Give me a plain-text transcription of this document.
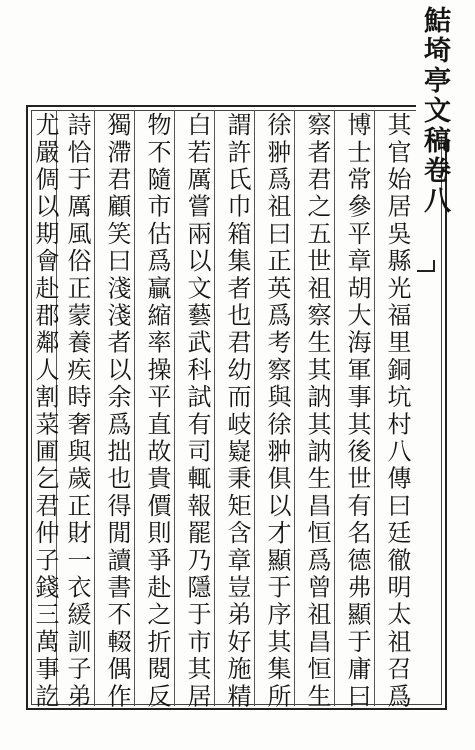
鮚埼亭文稿卷八
其官始居吳縣光福里銅坑村八傳曰廷徹明太祖召爲
博士常參平章胡大海軍事其後世有名德弗顯于庸曰
察者君之五世祖察生其訥其訥生昌恒爲曾祖昌恒生
徐翀爲祖曰正英爲考察與徐翀俱以才顯于序其集所
謂許氏巾箱集者也君幼而岐嶷秉矩含章豈弟好施精
白若厲嘗兩以文藝武科試有司輒報罷乃隱于市其居
物不隨市估爲贏縮率操平直故貴價則爭赴之折閱反
獨滯君顧笑曰淺淺者以余爲拙也得閒讀書不輟偶作
詩恰于厲風俗正蒙養疾時奢與歲正財一衣緩訓子弟
尤嚴倜以期會赴郡鄰人割菜圃乞君仲子錢三萬事訖
